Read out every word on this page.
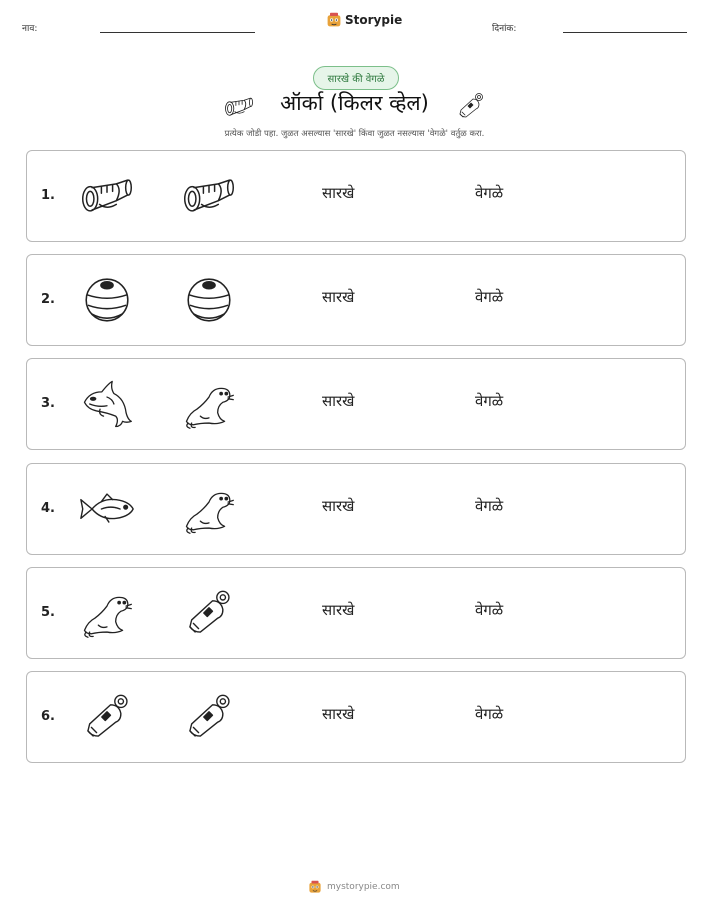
नाव:
Storypie
दिनांक:
सारखे की वेगळे
ऑर्का (किलर व्हेल)
प्रत्येक जोडी पहा. जुळत असल्यास 'सारखे' किंवा जुळत नसल्यास 'वेगळे' वर्तुळ करा.
1.	सारखे	वेगळे
2.	सारखे	वेगळे
3.	सारखे	वेगळे
4.	सारखे	वेगळे
5.	सारखे	वेगळे
6.	सारखे	वेगळे
mystorypie.com
